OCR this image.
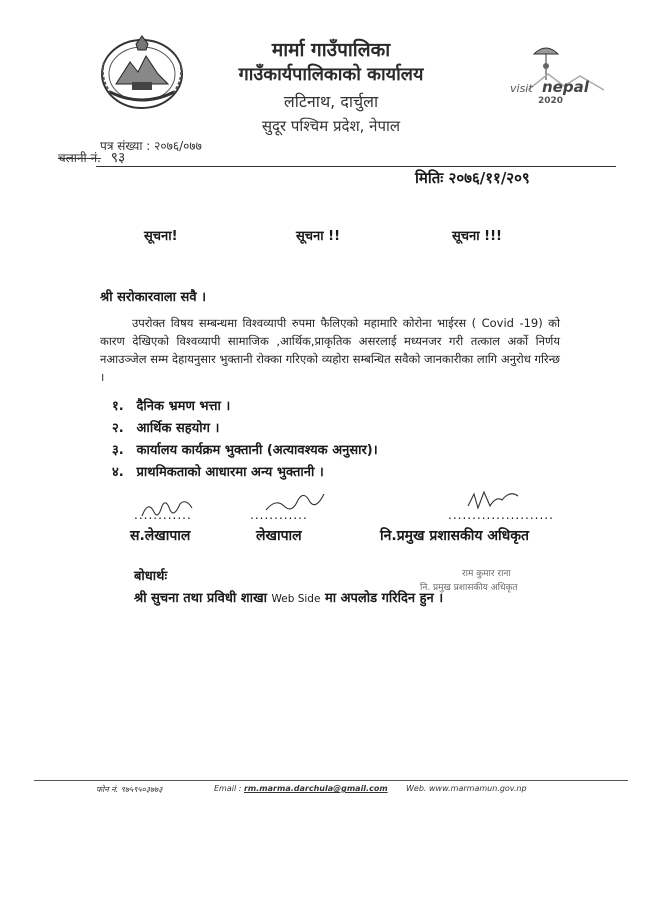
मार्मा गाउँपालिका
गाउँकार्यपालिकाको कार्यालय
लटिनाथ, दार्चुला
सुदूर पश्चिम प्रदेश, नेपाल
visit nepal
2020
पत्र संख्या : २०७६/०७७
चलानी नं. ९३
मितिः २०७६/११/२०९
सूचना!	सूचना !!	सूचना !!!
श्री सरोकारवाला सवै ।
उपरोक्त विषय सम्बन्धमा विश्वव्यापी रुपमा फैलिएको महामारि कोरोना भाईरस ( Covid -19) को कारण देखिएको विश्वव्यापी सामाजिक ,आर्थिक,प्राकृतिक असरलाई मध्यनजर गरी तत्काल अर्को निर्णय नआउञ्जेल सम्म देहायनुसार भुक्तानी रोक्का गरिएको व्यहोरा सम्बन्धित सवैको जानकारीका लागि अनुरोध गरिन्छ ।
१. दैनिक भ्रमण भत्ता ।
२. आर्थिक सहयोग ।
३. कार्यालय कार्यक्रम भुक्तानी (अत्यावश्यक अनुसार)।
४. प्राथमिकताको आधारमा अन्य भुक्तानी ।
............	............	......................
स.लेखापाल	लेखापाल	नि.प्रमुख प्रशासकीय अधिकृत
राम कुमार राना
नि. प्रमुख प्रशासकीय अधिकृत
बोधार्थः
श्री सुचना तथा प्रविधी शाखा Web Side मा अपलोड गरिदिन हुन ।
फोन नं. ९७५९५०३७७३	Email : rm.marma.darchula@gmail.com Web. www.marmamun.gov.np
